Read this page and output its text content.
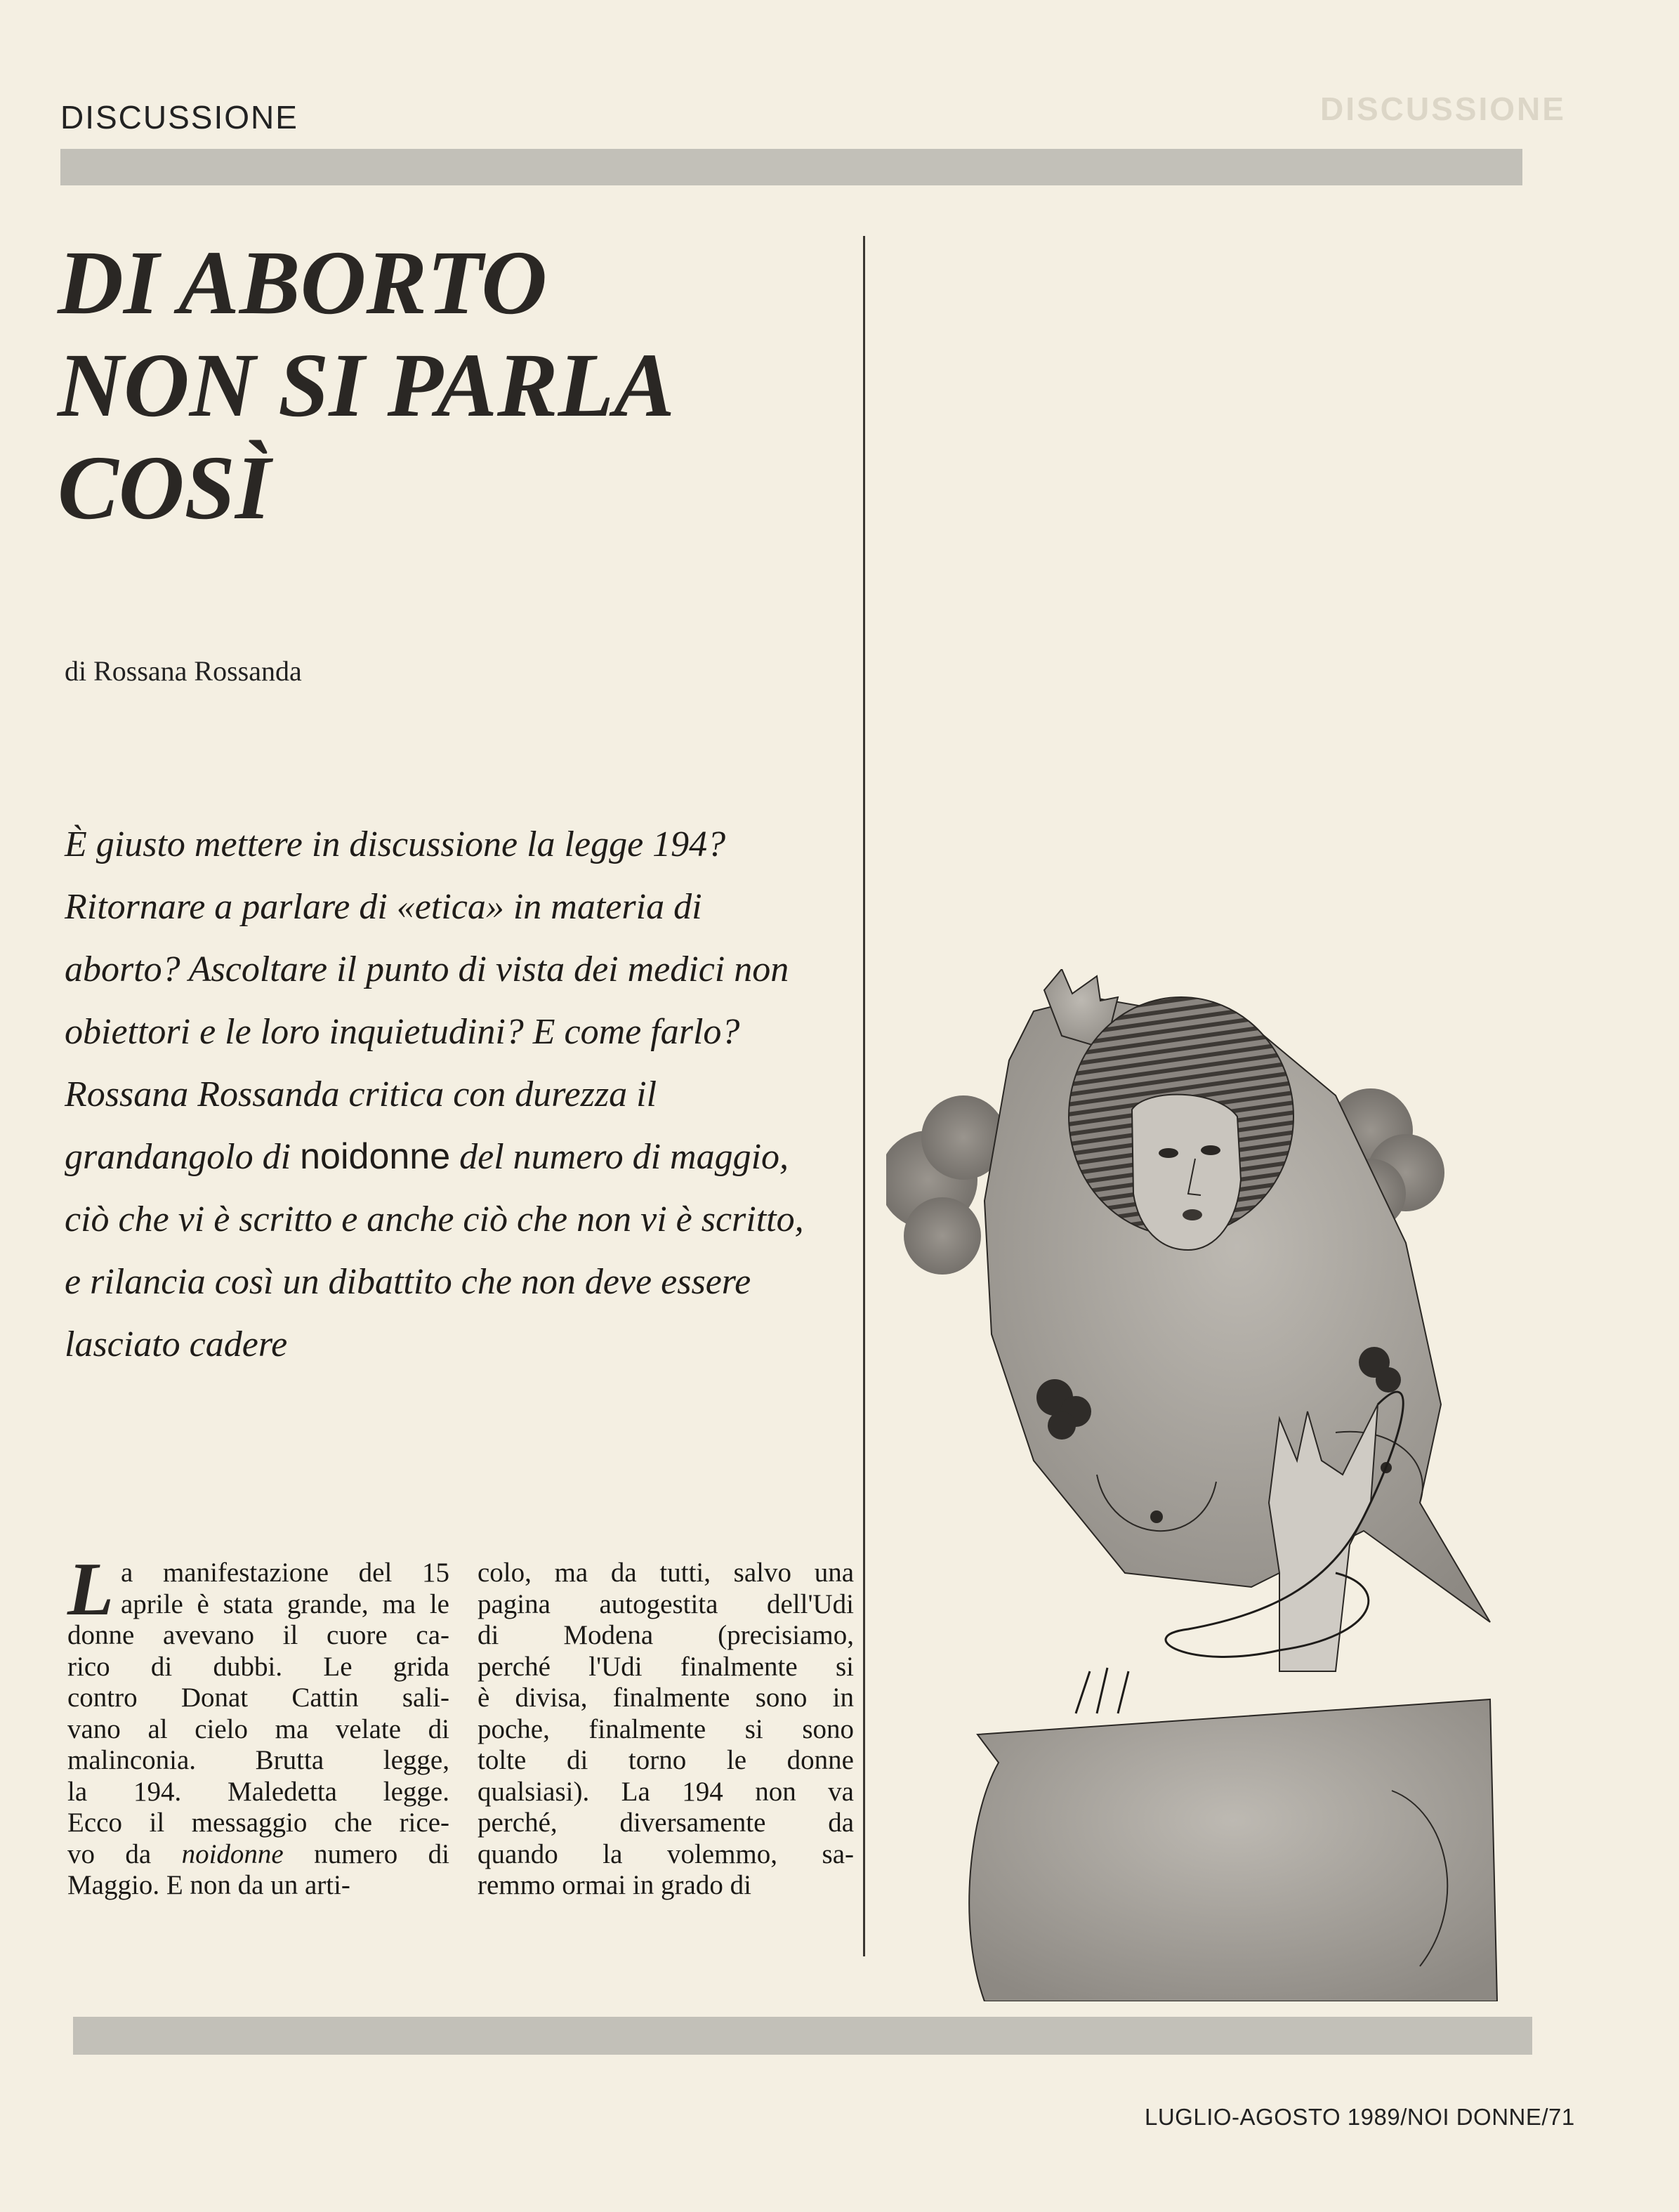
DISCUSSIONE	DISCUSSIONE
DI ABORTO
NON SI PARLA
COSÌ
di Rossana Rossanda

È giusto mettere in discussione la legge 194? Ritornare a parlare di «etica» in materia di aborto? Ascoltare il punto di vista dei medici non obiettori e le loro inquietudini? E come farlo? Rossana Rossanda critica con durezza il grandangolo di noidonne del numero di maggio, ciò che vi è scritto e anche ciò che non vi è scritto, e rilancia così un dibattito che non deve essere lasciato cadere

L a manifestazione del 15
aprile è stata grande, ma le
donne avevano il cuore ca-
rico di dubbi. Le grida
contro Donat Cattin sali-
vano al cielo ma velate di
malinconia. Brutta legge,
la 194. Maledetta legge.
Ecco il messaggio che rice-
vo da noidonne numero di
Maggio. E non da un arti-
colo, ma da tutti, salvo una
pagina autogestita dell'Udi
di Modena (precisiamo,
perché l'Udi finalmente si
è divisa, finalmente sono in
poche, finalmente si sono
tolte di torno le donne
qualsiasi). La 194 non va
perché, diversamente da
quando la volemmo, sa-
remmo ormai in grado di
LUGLIO-AGOSTO 1989/NOI DONNE/71
